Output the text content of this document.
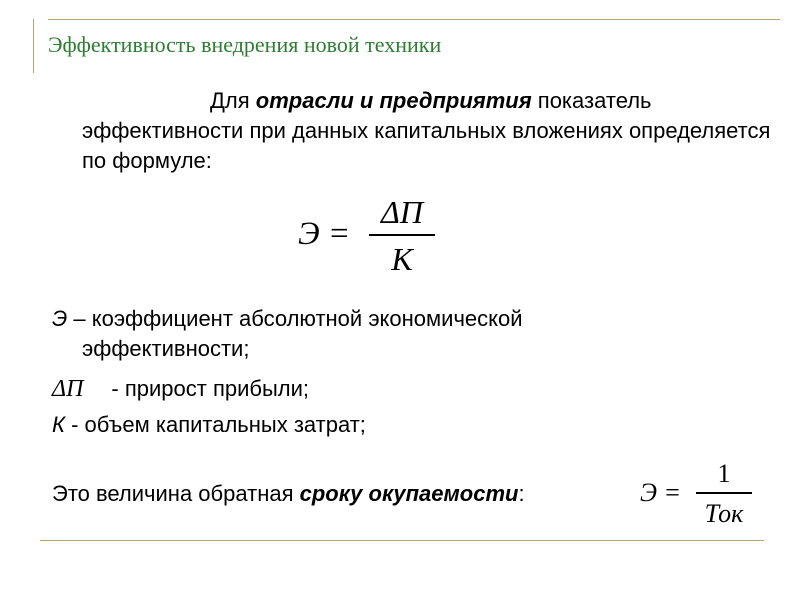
Эффективность внедрения новой техники
Для отрасли и предприятия показатель эффективности при данных капитальных вложениях определяется по формуле:
Э =
ΔП
К
Э – коэффициент абсолютной экономической
эффективности;
ΔП - прирост прибыли;
К - объем капитальных затрат;
Это величина обратная сроку окупаемости:	Э =
1
Ток
